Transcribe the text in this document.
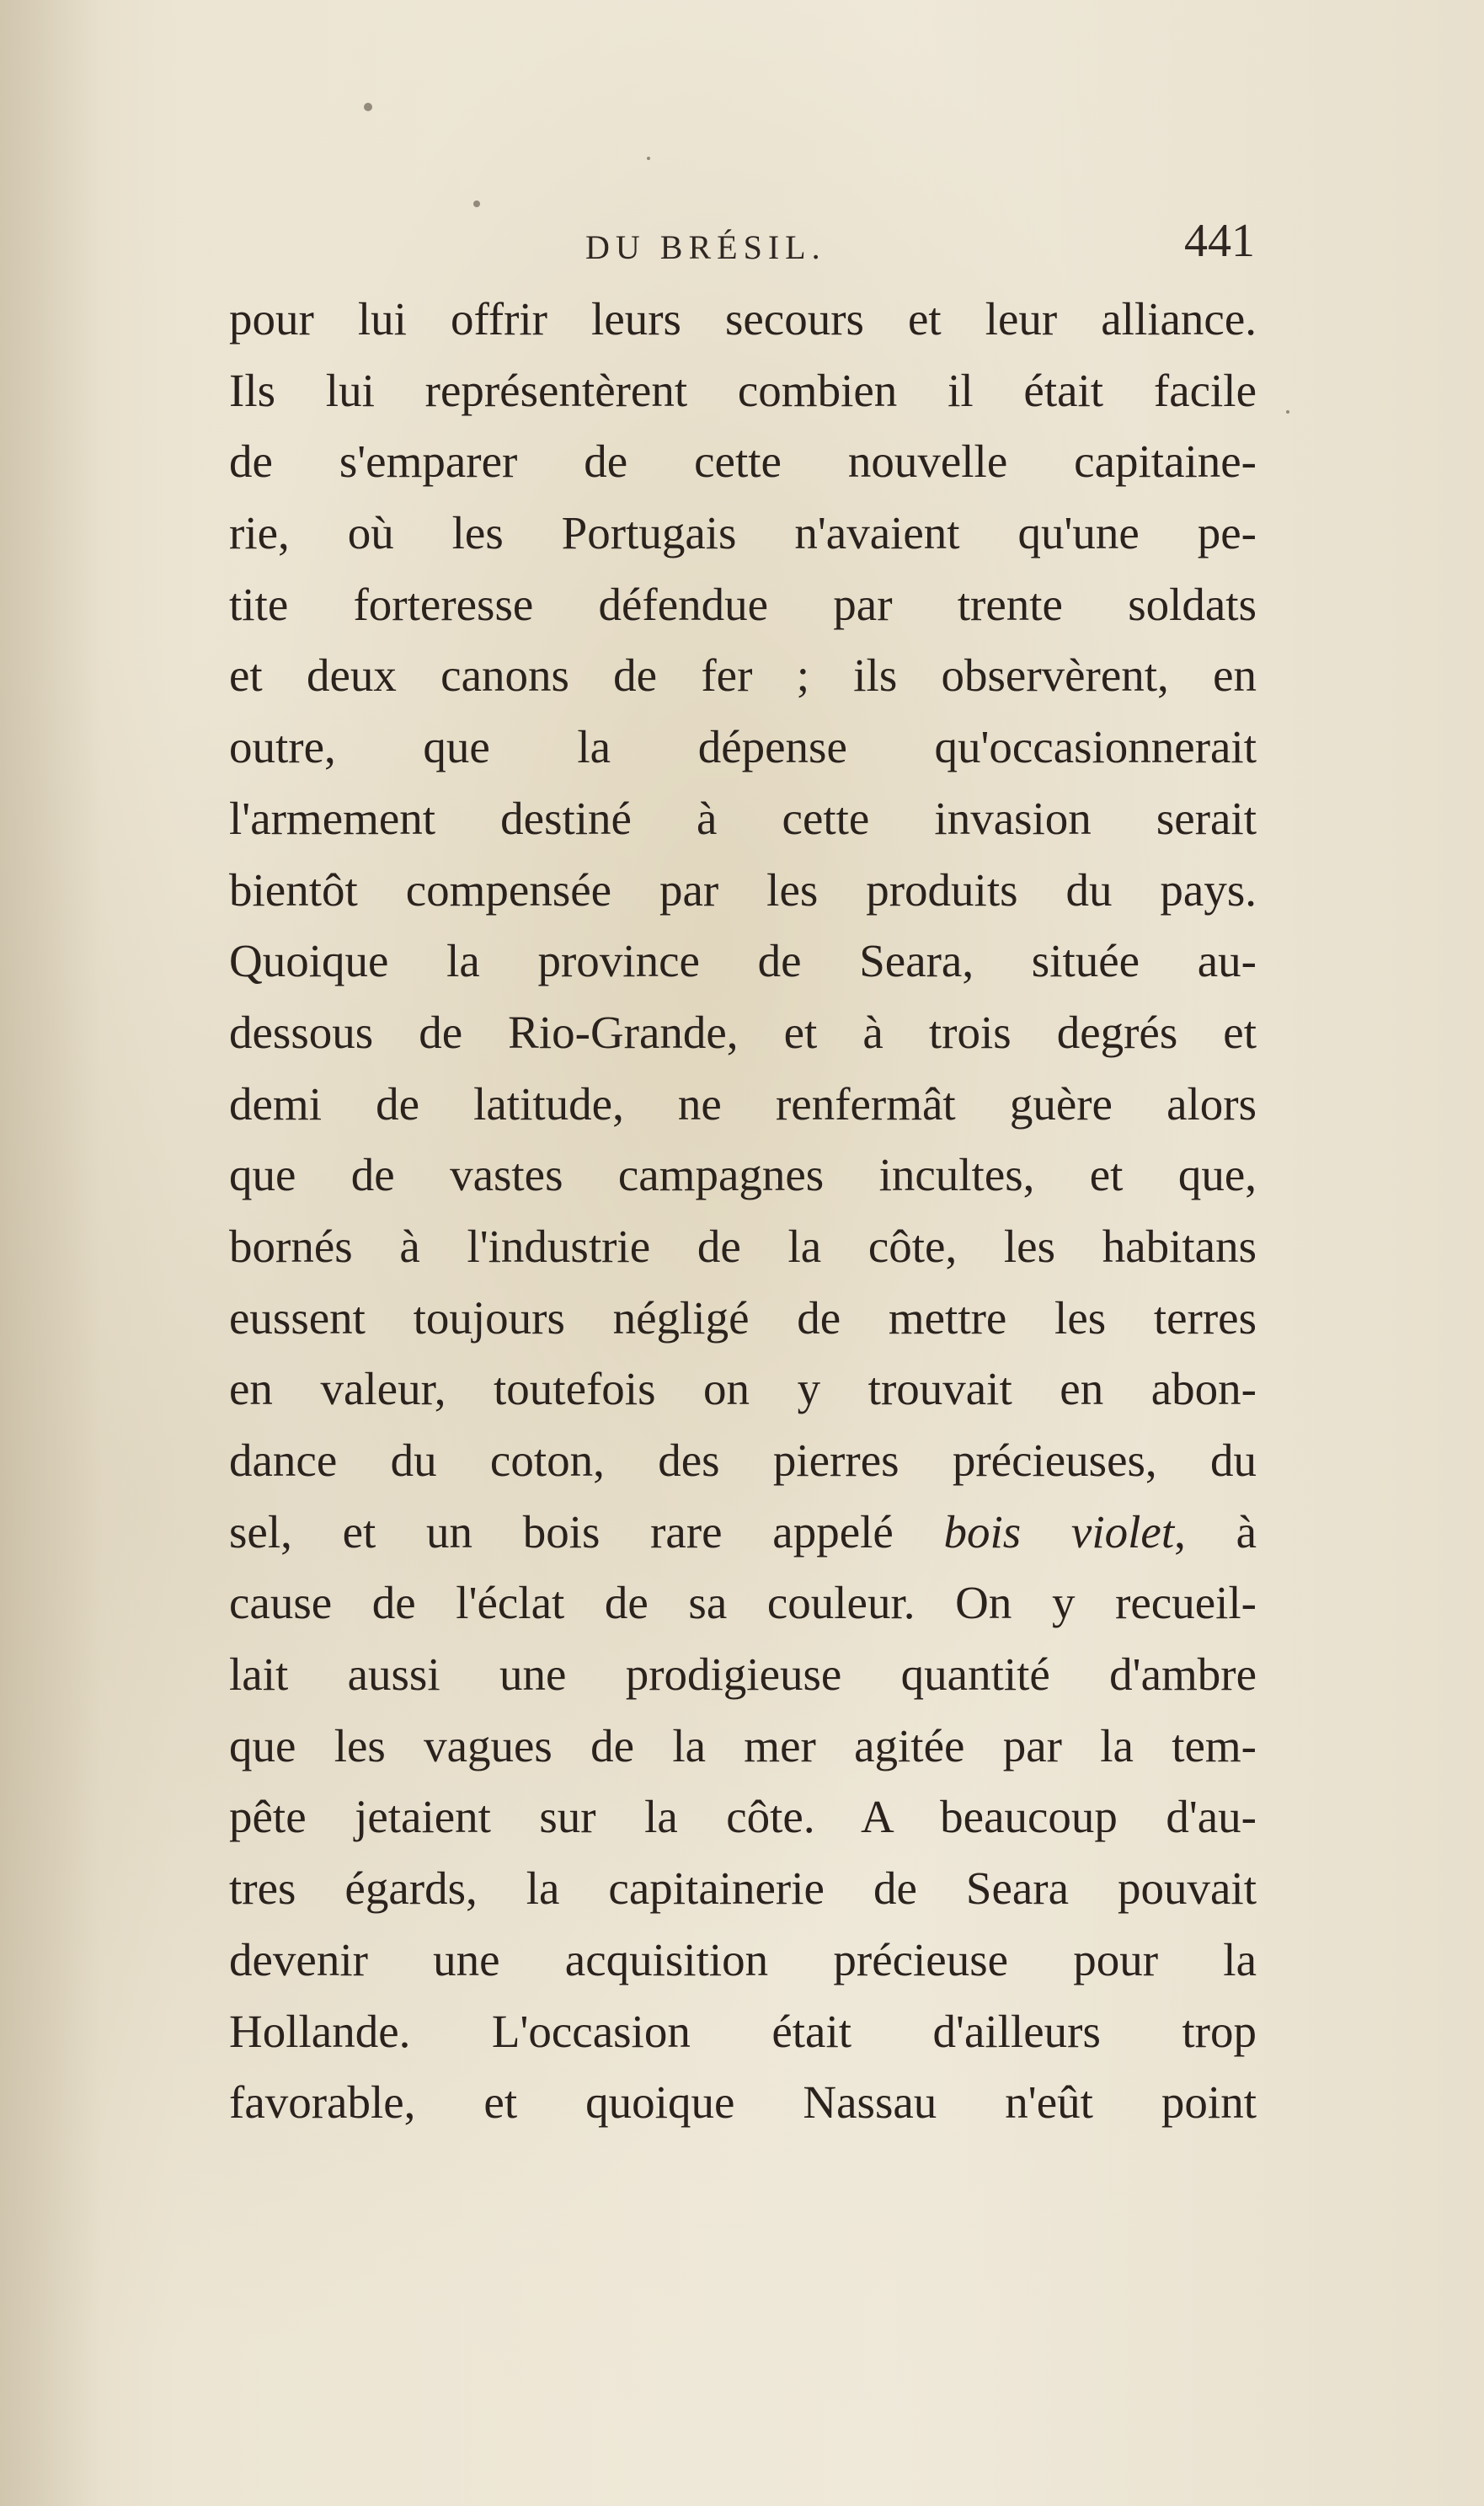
DU BRÉSIL.	441
pour lui offrir leurs secours et leur alliance.
Ils lui représentèrent combien il était facile
de s'emparer de cette nouvelle capitaine-
rie, où les Portugais n'avaient qu'une pe-
tite forteresse défendue par trente soldats
et deux canons de fer ; ils observèrent, en
outre, que la dépense qu'occasionnerait
l'armement destiné à cette invasion serait
bientôt compensée par les produits du pays.
Quoique la province de Seara, située au-
dessous de Rio-Grande, et à trois degrés et
demi de latitude, ne renfermât guère alors
que de vastes campagnes incultes, et que,
bornés à l'industrie de la côte, les habitans
eussent toujours négligé de mettre les terres
en valeur, toutefois on y trouvait en abon-
dance du coton, des pierres précieuses, du
sel, et un bois rare appelé bois violet, à
cause de l'éclat de sa couleur. On y recueil-
lait aussi une prodigieuse quantité d'ambre
que les vagues de la mer agitée par la tem-
pête jetaient sur la côte. A beaucoup d'au-
tres égards, la capitainerie de Seara pouvait
devenir une acquisition précieuse pour la
Hollande. L'occasion était d'ailleurs trop
favorable, et quoique Nassau n'eût point
